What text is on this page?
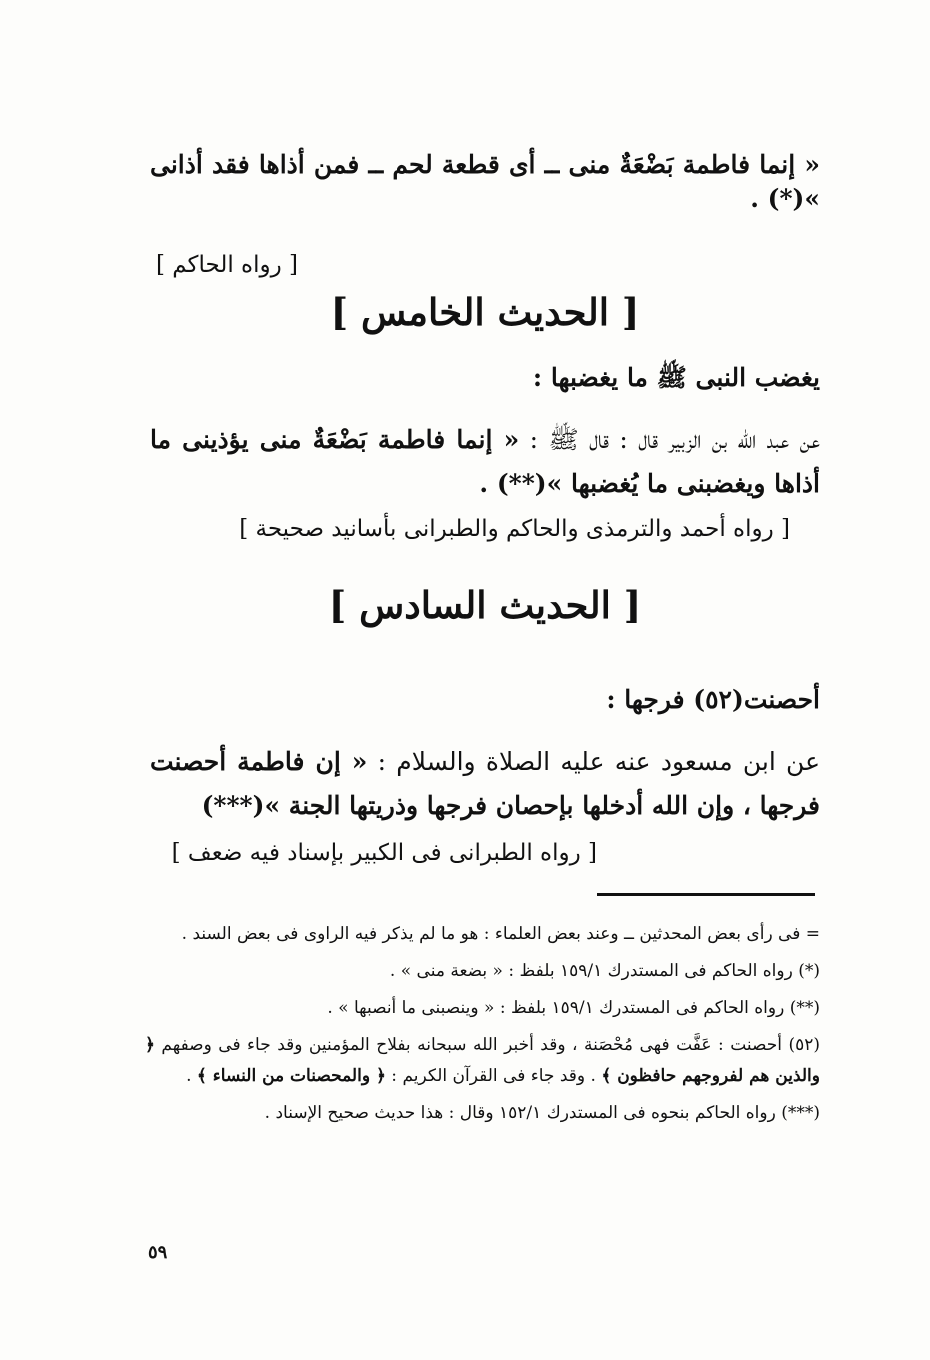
« إنما فاطمة بَضْعَةٌ منى ــ أى قطعة لحم ــ فمن أذاها فقد أذانى »(*) .
[ رواه الحاكم ]
[ الحديث الخامس ]
يغضب النبى ﷺ ما يغضبها :
عن عبد الله بن الزبير قال : قال ﷺ : « إنما فاطمة بَضْعَةٌ منى يؤذينى ما أذاها ويغضبنى ما يُغضبها »(**) .
[ رواه أحمد والترمذى والحاكم والطبرانى بأسانيد صحيحة ]
[ الحديث السادس ]
أحصنت(٥٢) فرجها :
عن ابن مسعود عنه عليه الصلاة والسلام : « إن فاطمة أحصنت فرجها ، وإن الله أدخلها بإحصان فرجها وذريتها الجنة »(***)
[ رواه الطبرانى فى الكبير بإسناد فيه ضعف ]

= فى رأى بعض المحدثين ــ وعند بعض العلماء : هو ما لم يذكر فيه الراوى فى بعض السند .

(*) رواه الحاكم فى المستدرك ١٥٩/١ بلفظ : « بضعة منى » .

(**) رواه الحاكم فى المستدرك ١٥٩/١ بلفظ : « وينصبنى ما أنصبها » .

(٥٢) أحصنت : عَفَّت فهى مُحْصَنة ، وقد أخبر الله سبحانه بفلاح المؤمنين وقد جاء فى وصفهم ﴿ والذين هم لفروجهم حافظون ﴾ . وقد جاء فى القرآن الكريم : ﴿ والمحصنات من النساء ﴾ .

(***) رواه الحاكم بنحوه فى المستدرك ١٥٢/١ وقال : هذا حديث صحيح الإسناد .

٥٩
